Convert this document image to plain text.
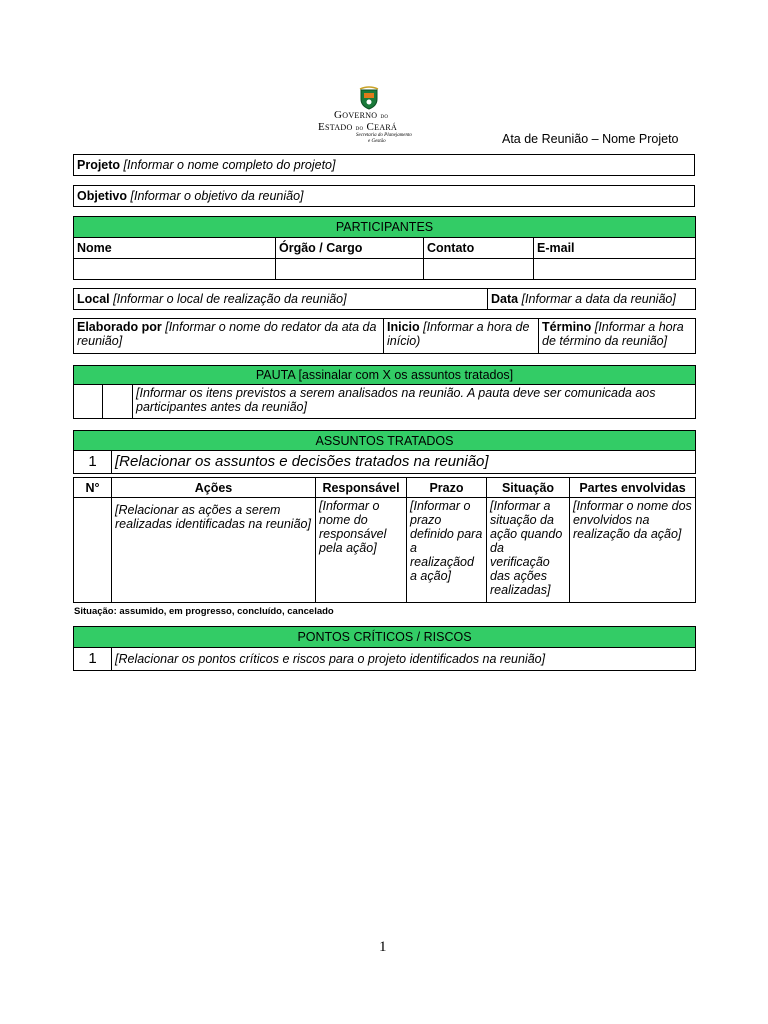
Governo do
Estado do Ceará
Secretaria do Planejamento
e Gestão	Ata de Reunião – Nome Projeto
Projeto [Informar o nome completo do projeto]
Objetivo [Informar o objetivo da reunião]
PARTICIPANTES			
Nome	Órgão / Cargo	Contato	E-mail

Local [Informar o local de realização da reunião]	Data [Informar a data da reunião]
Elaborado por [Informar o nome do redator da ata da reunião]	Inicio [Informar a hora de início)	Término [Informar a hora de término da reunião]
PAUTA [assinalar com X os assuntos tratados]
		[Informar os itens previstos a serem analisados na reunião. A pauta deve ser comunicada aos participantes antes da reunião]
ASSUNTOS TRATADOS
1	[Relacionar os assuntos e decisões tratados na reunião]
N°	Ações	Responsável	Prazo	Situação	Partes envolvidas
	[Relacionar as ações a serem realizadas identificadas na reunião]	[Informar o nome do responsável pela ação]	[Informar o prazo definido para a realizaçãod a ação]	[Informar a situação da ação quando da verificação das ações realizadas]	[Informar o nome dos envolvidos na realização da ação]
Situação: assumido, em progresso, concluído, cancelado
PONTOS CRÍTICOS / RISCOS
1	[Relacionar os pontos críticos e riscos para o projeto identificados na reunião]
1
